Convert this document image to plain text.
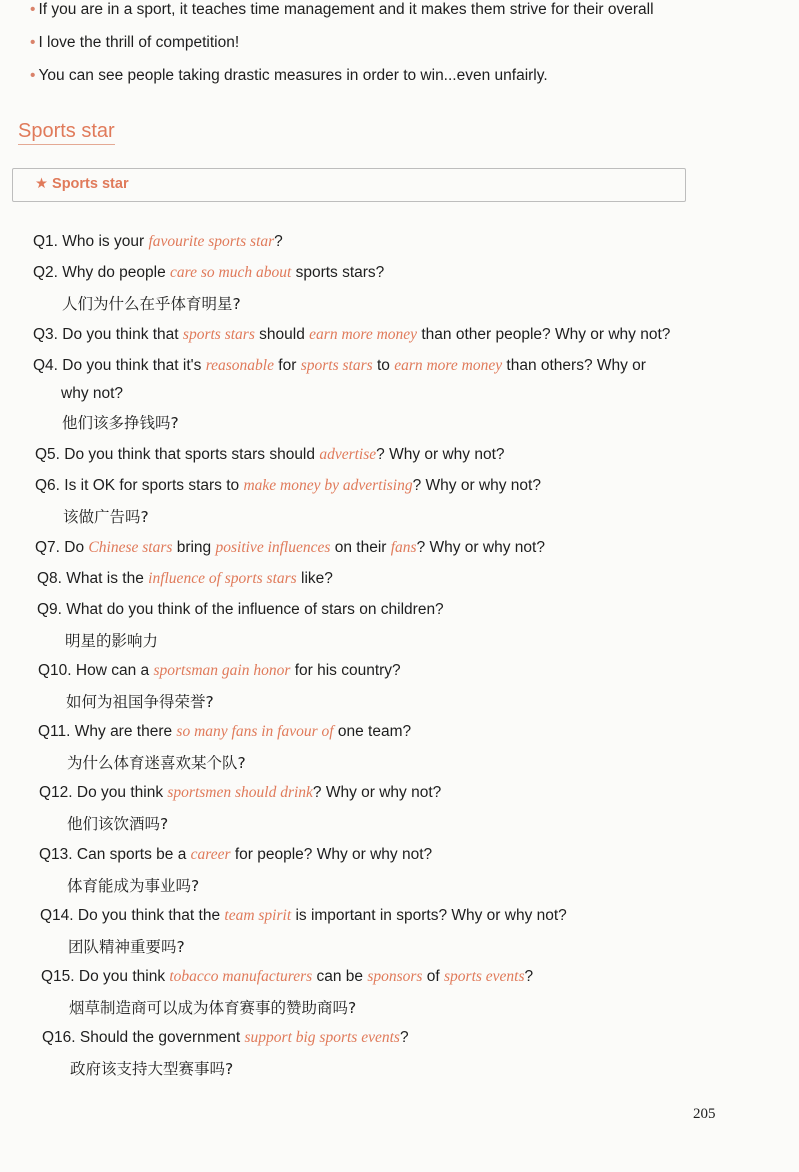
• If you are in a sport, it teaches time management and it makes them strive for their overall
• I love the thrill of competition!
• You can see people taking drastic measures in order to win...even unfairly.
Sports star
★ Sports star
Q1. Who is your favourite sports star?
Q2. Why do people care so much about sports stars?
人们为什么在乎体育明星?
Q3. Do you think that sports stars should earn more money than other people? Why or why not?
Q4. Do you think that it's reasonable for sports stars to earn more money than others? Why or
why not?
他们该多挣钱吗?
Q5. Do you think that sports stars should advertise? Why or why not?
Q6. Is it OK for sports stars to make money by advertising? Why or why not?
该做广告吗?
Q7. Do Chinese stars bring positive influences on their fans? Why or why not?
Q8. What is the influence of sports stars like?
Q9. What do you think of the influence of stars on children?
明星的影响力
Q10. How can a sportsman gain honor for his country?
如何为祖国争得荣誉?
Q11. Why are there so many fans in favour of one team?
为什么体育迷喜欢某个队?
Q12. Do you think sportsmen should drink? Why or why not?
他们该饮酒吗?
Q13. Can sports be a career for people? Why or why not?
体育能成为事业吗?
Q14. Do you think that the team spirit is important in sports? Why or why not?
团队精神重要吗?
Q15. Do you think tobacco manufacturers can be sponsors of sports events?
烟草制造商可以成为体育赛事的赞助商吗?
Q16. Should the government support big sports events?
政府该支持大型赛事吗?
205
